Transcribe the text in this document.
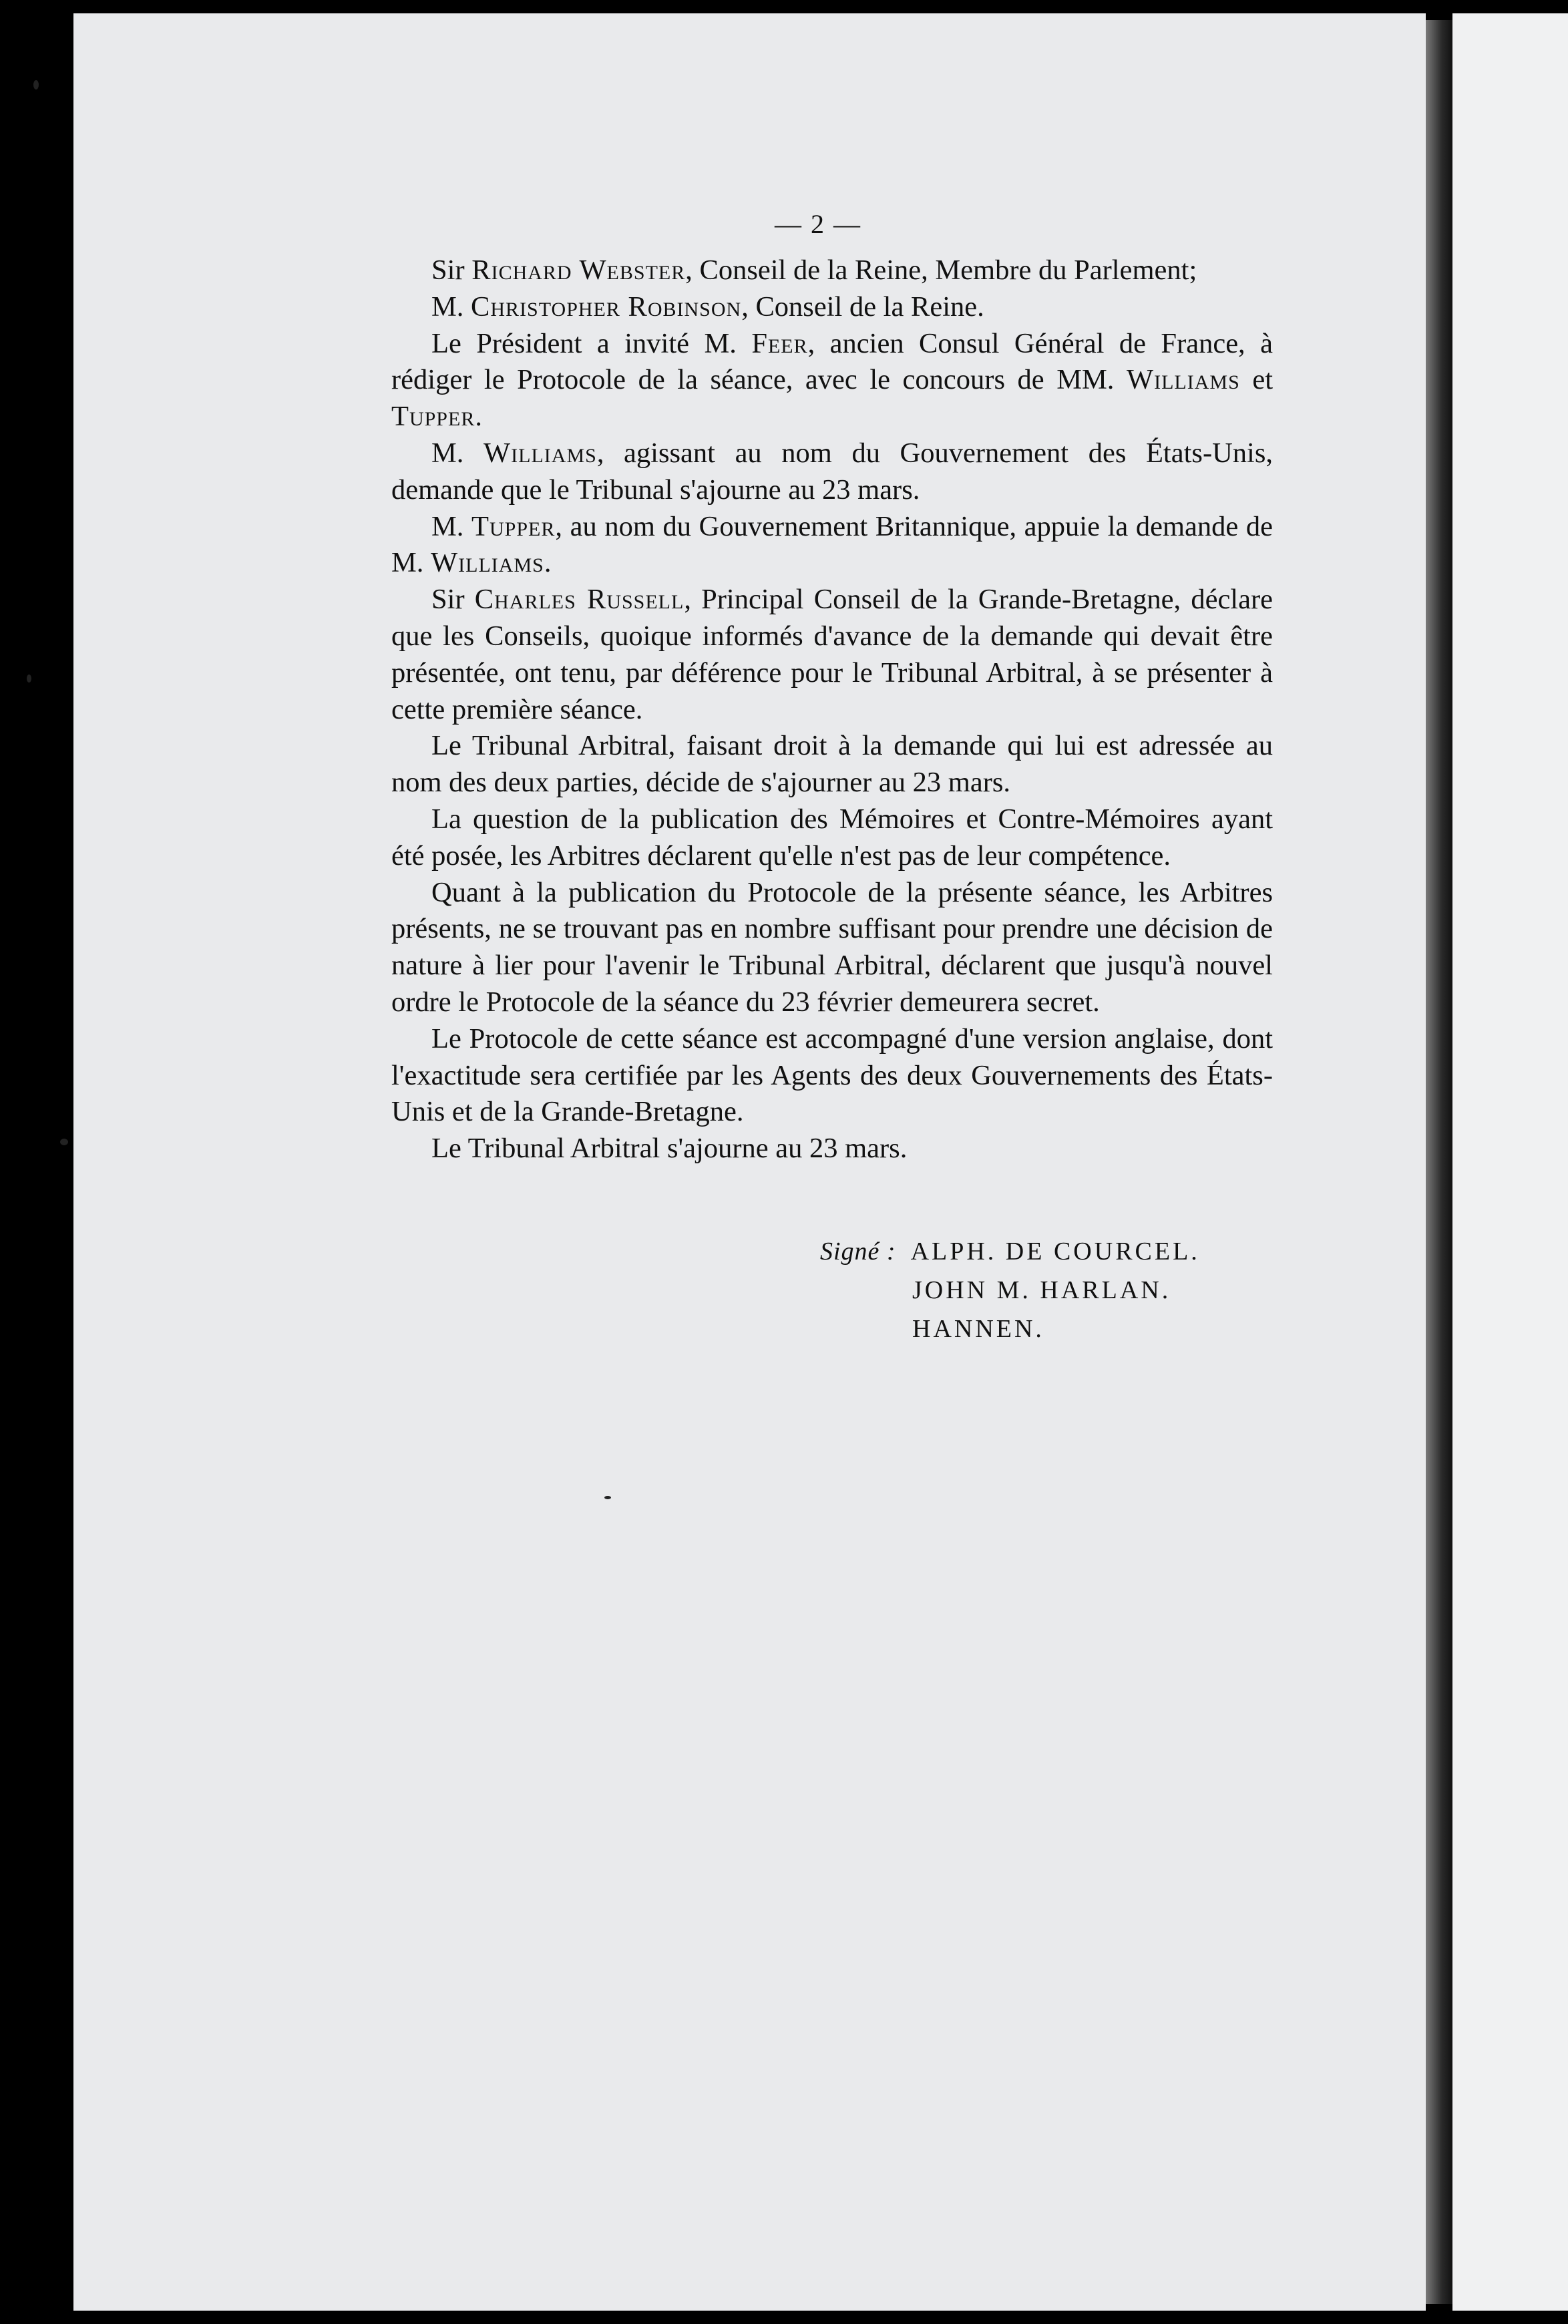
— 2 —

Sir Richard Webster, Conseil de la Reine, Membre du Parlement;

M. Christopher Robinson, Conseil de la Reine.

Le Président a invité M. Feer, ancien Consul Général de France, à rédiger le Protocole de la séance, avec le concours de MM. Williams et Tupper.

M. Williams, agissant au nom du Gouvernement des États-Unis, demande que le Tribunal s'ajourne au 23 mars.

M. Tupper, au nom du Gouvernement Britannique, appuie la demande de M. Williams.

Sir Charles Russell, Principal Conseil de la Grande-Bretagne, déclare que les Conseils, quoique informés d'avance de la demande qui devait être présentée, ont tenu, par déférence pour le Tribunal Arbitral, à se présenter à cette première séance.

Le Tribunal Arbitral, faisant droit à la demande qui lui est adressée au nom des deux parties, décide de s'ajourner au 23 mars.

La question de la publication des Mémoires et Contre-Mémoires ayant été posée, les Arbitres déclarent qu'elle n'est pas de leur compétence.

Quant à la publication du Protocole de la présente séance, les Arbitres présents, ne se trouvant pas en nombre suffisant pour prendre une décision de nature à lier pour l'avenir le Tribunal Arbitral, déclarent que jusqu'à nouvel ordre le Protocole de la séance du 23 février demeurera secret.

Le Protocole de cette séance est accompagné d'une version anglaise, dont l'exactitude sera certifiée par les Agents des deux Gouvernements des États-Unis et de la Grande-Bretagne.

Le Tribunal Arbitral s'ajourne au 23 mars.

Signé : ALPH. DE COURCEL.
JOHN M. HARLAN.
HANNEN.
